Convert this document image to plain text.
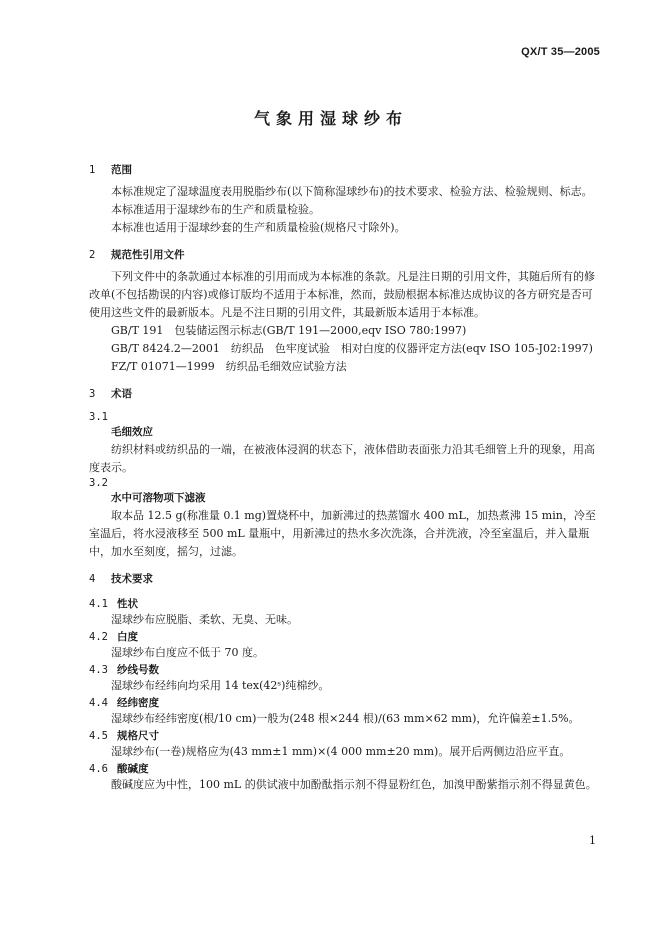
QX/T 35—2005
气象用湿球纱布
1 范围

本标准规定了湿球温度表用脱脂纱布(以下简称湿球纱布)的技术要求、检验方法、检验规则、标志。

本标准适用于湿球纱布的生产和质量检验。

本标准也适用于湿球纱套的生产和质量检验(规格尺寸除外)。

2 规范性引用文件

下列文件中的条款通过本标准的引用而成为本标准的条款。凡是注日期的引用文件，其随后所有的修改单(不包括勘误的内容)或修订版均不适用于本标准，然而，鼓励根据本标准达成协议的各方研究是否可使用这些文件的最新版本。凡是不注日期的引用文件，其最新版本适用于本标准。

GB/T 191　包装储运图示标志(GB/T 191—2000,eqv ISO 780:1997)
GB/T 8424.2—2001　纺织品　色牢度试验　相对白度的仪器评定方法(eqv ISO 105-J02:1997)
FZ/T 01071—1999　纺织品毛细效应试验方法
3 术语
3.1
毛细效应

纺织材料或纺织品的一端，在被液体浸润的状态下，液体借助表面张力沿其毛细管上升的现象，用高度表示。

3.2
水中可溶物项下滤液

取本品 12.5 g(称准量 0.1 mg)置烧杯中，加新沸过的热蒸馏水 400 mL，加热煮沸 15 min，冷至室温后，将水浸液移至 500 mL 量瓶中，用新沸过的热水多次洗涤，合并洗液，冷至室温后，并入量瓶中，加水至刻度，摇匀，过滤。

4 技术要求
4.1 性状

湿球纱布应脱脂、柔软、无臭、无味。

4.2 白度

湿球纱布白度应不低于 70 度。

4.3 纱线号数

湿球纱布经纬向均采用 14 tex(42ˢ)纯棉纱。

4.4 经纬密度

湿球纱布经纬密度(根/10 cm)一般为(248 根×244 根)/(63 mm×62 mm)，允许偏差±1.5%。

4.5 规格尺寸

湿球纱布(一卷)规格应为(43 mm±1 mm)×(4 000 mm±20 mm)。展开后两侧边沿应平直。

4.6 酸碱度

酸碱度应为中性，100 mL 的供试液中加酚酞指示剂不得显粉红色，加溴甲酚紫指示剂不得显黄色。

1
